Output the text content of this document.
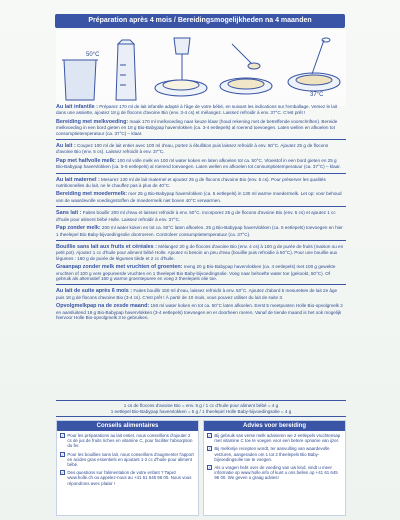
Préparation après 4 mois / Bereidingsmogelijkheden na 4 maanden
50°C
37°C
Au lait infantile : Préparez 170 ml de lait infantile adapté à l'âge de votre bébé, en suivant les indications sur l'emballage. Versez le lait dans une assiette, ajoutez 18 g de flocons d'avoine Bio (env. 3-4 cs) et mélangez. Laissez refroidir à env. 37°C. C'est prêt !
Bereiding met melkvoeding: maak 170 ml melkvoeding naar keuze klaar (houd rekening met de betreffende voorschriften). Bereide melkvoeding in een bord gieten en 18 g Bio-Babypap havervlokken (ca. 3-4 eetlepels) al roerend toevoegen. Laten wellen en afkoelen tot consumptietemperatuur (ca. 37°C) – klaar.
Au lait : Coupez 100 ml de lait entier avec 100 ml d'eau, portez à ébullition puis laissez refroidir à env. 50°C. Ajoutez 25 g de flocons d'avoine Bio (env. 5 cs). Laissez refroidir à env. 37°C.
Pap met halfvolle melk: 100 ml volle melk en 100 ml water koken en laten afkoelen tot ca. 50°C. Vloeistof in een bord gieten en 25 g Bio-Babypap havervlokken (ca. 5-6 eetlepels) al roerend toevoegen. Laten wellen en afkoelen tot consumptietemperatuur (ca. 37°C) – klaar.
Au lait maternel : Mesurez 130 ml de lait maternel et ajoutez 25 g de flocons d'avoine Bio (env. 5 cs). Pour préserver les qualités nutritionnelles du lait, ne le chauffez pas à plus de 40°C.
Bereiding met moedermelk: roer 25 g Bio-Babypap havervlokken (ca. 5 eetlepels) in 130 ml warme moedermelk. Let op: voor behoud van de waardevolle voedingsstoffen de moedermelk niet boven 40°C verwarmen.
Sans lait : Faites bouillir 200 ml d'eau et laissez refroidir à env. 50°C. Incorporez 25 g de flocons d'avoine Bio (env. 5 cs) et ajoutez 1 cc d'huile pour aliment bébé Holle. Laissez refroidir à env. 37°C.
Pap zonder melk: 200 ml water koken en tot ca. 50°C laten afkoelen. 25 g Bio-Babypap havervlokken (ca. 5 eetlepels) toevoegen en hier 1 theelepel Bio Baby-bijvoedingsolie doorroeren. Controleer consumptietemperatuur (ca. 37°C).
Bouillie sans lait aux fruits et céréales : Mélangez 20 g de flocons d'avoine Bio (env. 4 cs) à 100 g de purée de fruits (maison ou en petit pot). Ajoutez 1 cc d'huile pour aliment bébé Holle. Ajoutez si besoin un peu d'eau (bouillie puis refroidie à 50°C). Pour une bouillie aux légumes : 160 g de purée de légumes tiède et 2 cc d'huile.
Graanpap zonder melk met vruchten of groenten: meng 20 g Bio-Babypap havervlokken (ca. 4 eetlepels) met 100 g gewekte vruchten of 100 g vers gepureerde vruchten en 1 theelepel Bio Baby-bijvoedingsolie. Voeg naar behoefte water toe (gekookt, 50°C). Of gebruik als alternatief 160 g warme groentepuree en voeg 2 theelepels olie toe.
Au lait de suite après 6 mois : Faites bouillir 150 ml d'eau, laissez refroidir à env. 50°C. Ajoutez d'abord 5 mesurettes de lait 2e âge puis 18 g de flocons d'avoine Bio (3-4 cs). C'est prêt ! À partir de 10 mois, vous pouvez utiliser du lait de suite 3.
Opvolgmelkpap na de zesde maand: 150 ml water koken en tot ca. 50°C laten afkoelen. Eerst 5 meetpunten Holle Bio-opvolgmelk 2 en aansluitend 18 g Bio-Babypap havervlokken (3-4 eetlepels) toevoegen en er doorheen roeren. Vanaf de tiende maand is het ook mogelijk hiervoor Holle Bio-opvolgmelk 3 te gebruiken.
1 cs de flocons d'avoine Bio = env. 5 g / 1 cc d'huile pour aliment bébé = 4 g
1 eetlepel Bio-Babypap havervlokken = 5 g / 1 theelepel Holle Baby-bijvoedingsolie = 4 g
Conseils alimentaires
✓ Pour les préparations au lait entier, nous conseillons d'ajouter 2 cs de jus de fruits riches en vitamine C, pour faciliter l'absorption du fer.
✓ Pour les bouillies sans lait, nous conseillons d'augmenter l'apport en acides gras essentiels en ajoutant 1-2 cc d'huile pour aliment bébé.
✓ Des questions sur l'alimentation de votre enfant ? Tapez www.holle.ch ou appelez-nous au +41 61 645 96 00. Nous vous répondrons avec plaisir !
Advies voor bereiding
✓ Bij gebruik van verse melk adviseren we 2 eetlepels vruchtensap met vitamine C toe te voegen voor een betere opname van ijzer.
✓ Bij melkvrije recepten wordt, ter aanvulling van waardevolle vetzuren, aangeraden om 1 tot 2 theelepels Bio Baby-bijvoedingsolie toe te voegen.
✓ Als u vragen hebt over de voeding van uw kind, vindt u meer informatie op www.holle.info of kunt u ons bellen op +41 61 645 96 00. We geven u graag advies!
